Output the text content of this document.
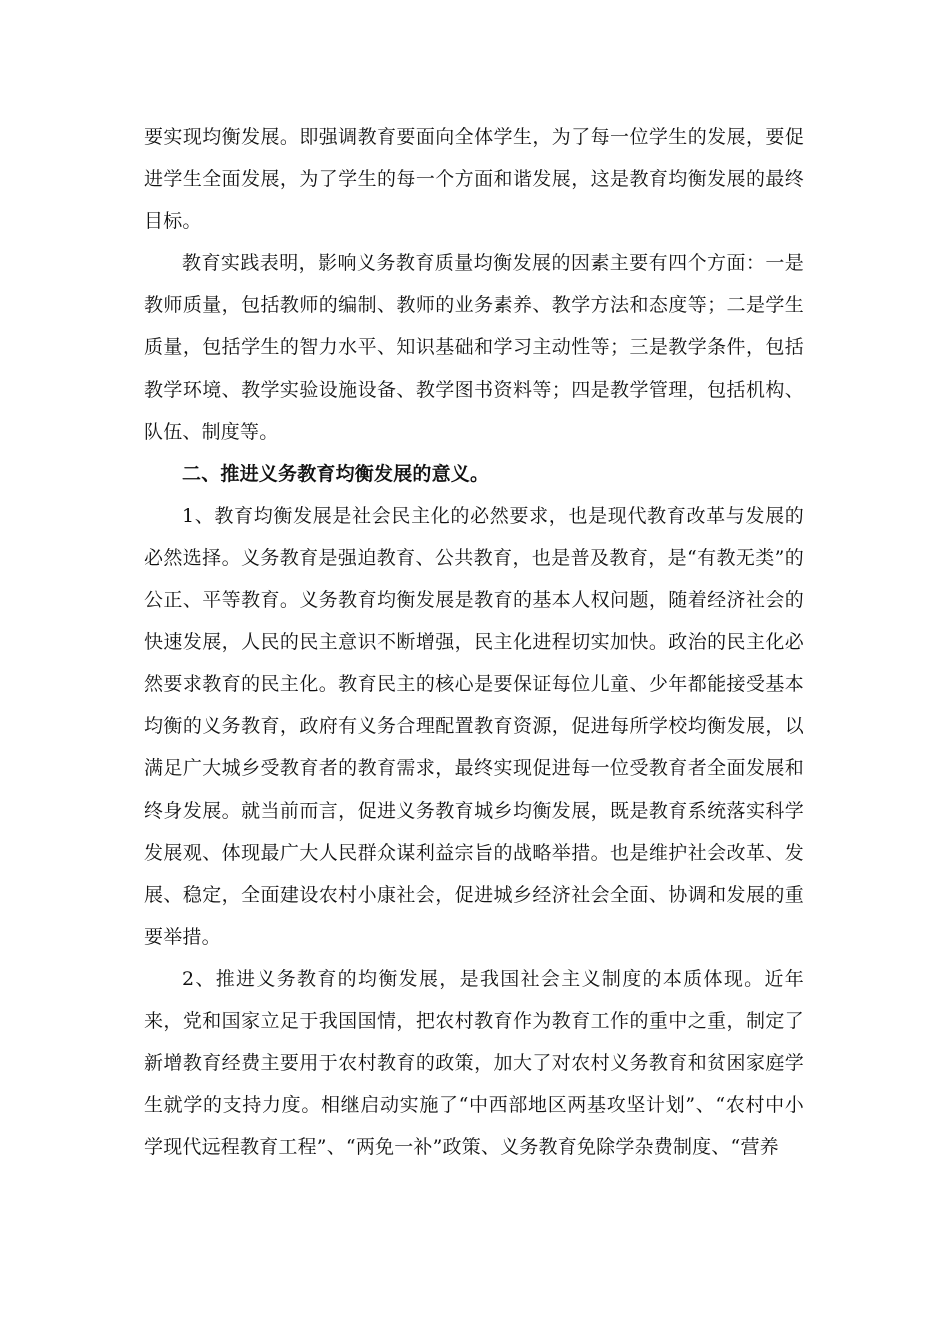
要实现均衡发展。即强调教育要面向全体学生，为了每一位学生的发展，要促进学生全面发展，为了学生的每一个方面和谐发展，这是教育均衡发展的最终目标。

教育实践表明，影响义务教育质量均衡发展的因素主要有四个方面：一是教师质量，包括教师的编制、教师的业务素养、教学方法和态度等；二是学生质量，包括学生的智力水平、知识基础和学习主动性等；三是教学条件，包括教学环境、教学实验设施设备、教学图书资料等；四是教学管理，包括机构、队伍、制度等。

二、推进义务教育均衡发展的意义。

1、教育均衡发展是社会民主化的必然要求，也是现代教育改革与发展的必然选择。义务教育是强迫教育、公共教育，也是普及教育，是“有教无类”的公正、平等教育。义务教育均衡发展是教育的基本人权问题，随着经济社会的快速发展，人民的民主意识不断增强，民主化进程切实加快。政治的民主化必然要求教育的民主化。教育民主的核心是要保证每位儿童、少年都能接受基本均衡的义务教育，政府有义务合理配置教育资源，促进每所学校均衡发展，以满足广大城乡受教育者的教育需求，最终实现促进每一位受教育者全面发展和终身发展。就当前而言，促进义务教育城乡均衡发展，既是教育系统落实科学发展观、体现最广大人民群众谋利益宗旨的战略举措。也是维护社会改革、发展、稳定，全面建设农村小康社会，促进城乡经济社会全面、协调和发展的重要举措。

2、推进义务教育的均衡发展，是我国社会主义制度的本质体现。近年来，党和国家立足于我国国情，把农村教育作为教育工作的重中之重，制定了新增教育经费主要用于农村教育的政策，加大了对农村义务教育和贫困家庭学生就学的支持力度。相继启动实施了“中西部地区两基攻坚计划”、“农村中小学现代远程教育工程”、“两免一补”政策、义务教育免除学杂费制度、“营养
